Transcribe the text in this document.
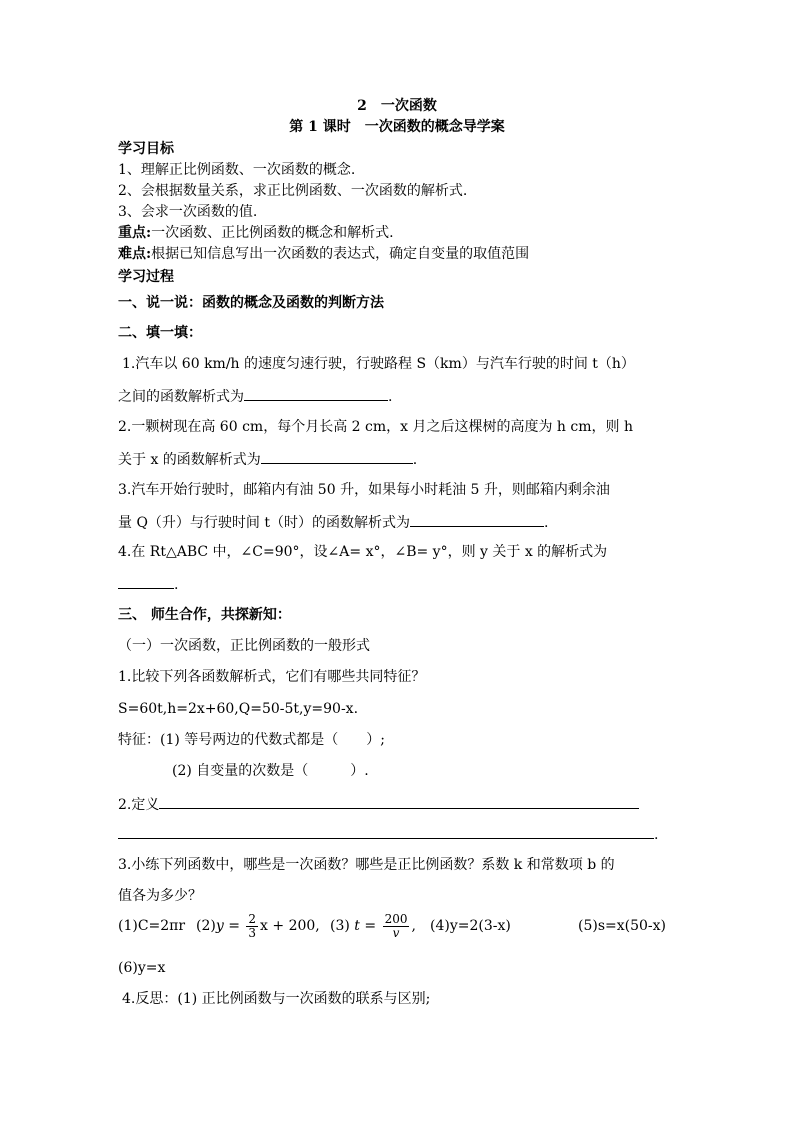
2　一次函数
第 1 课时　一次函数的概念导学案
学习目标
1、理解正比例函数、一次函数的概念.
2、会根据数量关系，求正比例函数、一次函数的解析式.
3、会求一次函数的值.
重点:一次函数、正比例函数的概念和解析式.
难点:根据已知信息写出一次函数的表达式，确定自变量的取值范围
学习过程
一、说一说：函数的概念及函数的判断方法
二、填一填：
1.汽车以 60 km/h 的速度匀速行驶，行驶路程 S（km）与汽车行驶的时间 t（h）
之间的函数解析式为	.
2.一颗树现在高 60 cm，每个月长高 2 cm，x 月之后这棵树的高度为 h cm，则 h
关于 x 的函数解析式为	.
3.汽车开始行驶时，邮箱内有油 50 升，如果每小时耗油 5 升，则邮箱内剩余油
量 Q（升）与行驶时间 t（时）的函数解析式为	.
4.在 Rt△ABC 中，∠C=90°，设∠A= x°，∠B= y°，则 y 关于 x 的解析式为
.
三、 师生合作，共探新知：
（一）一次函数，正比例函数的一般形式
1.比较下列各函数解析式，它们有哪些共同特征？
S=60t,h=2x+60,Q=50-5t,y=90-x.
特征：(1) 等号两边的代数式都是（　　）;
(2) 自变量的次数是（　　　）.
2.定义
.
3.小练下列函数中，哪些是一次函数？哪些是正比例函数？系数 k 和常数项 b 的
值各为多少？
(1)C=2πr $(2)y = \frac{2}{3}$ x + 200, (3) $t = \frac{200}{v}$ , (4)y=2(3-x)	(5)s=x(50-x)
(6)y=x
4.反思：(1) 正比例函数与一次函数的联系与区别;
